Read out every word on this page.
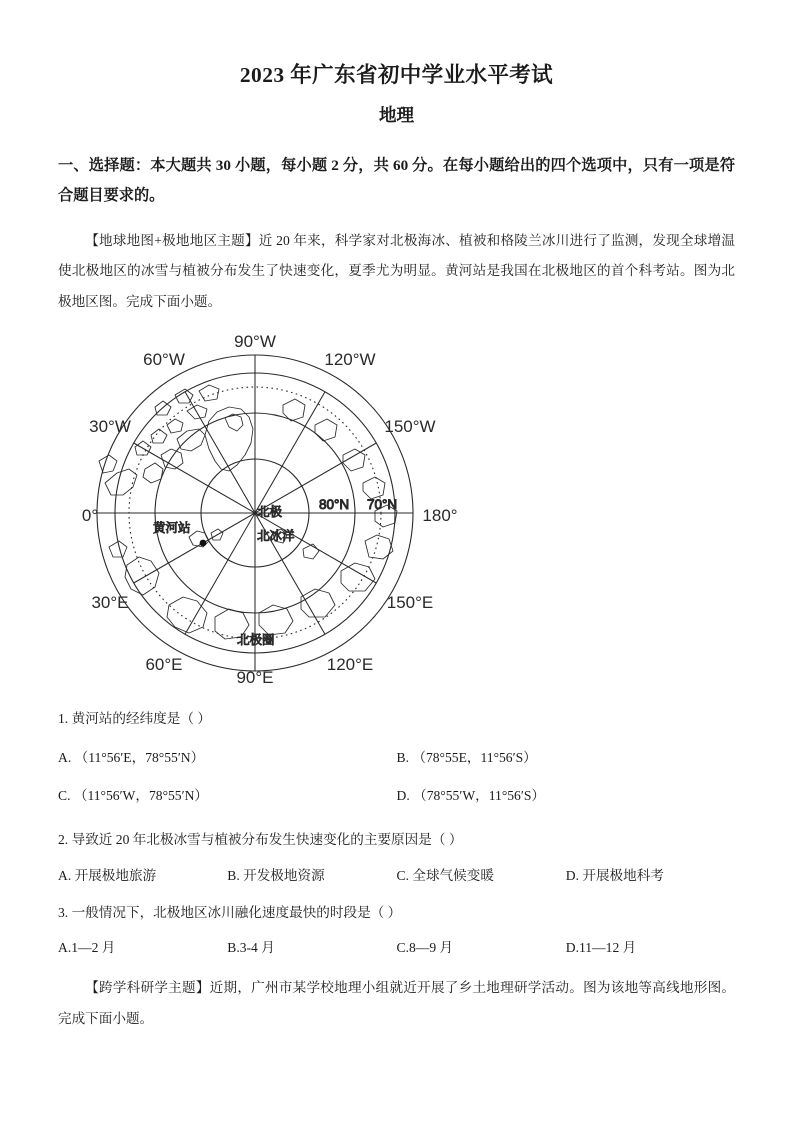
2023 年广东省初中学业水平考试
地理

一、选择题：本大题共 30 小题，每小题 2 分，共 60 分。在每小题给出的四个选项中，只有一项是符合题目要求的。

【地球地图+极地地区主题】近 20 年来，科学家对北极海冰、植被和格陵兰冰川进行了监测，发现全球增温使北极地区的冰雪与植被分布发生了快速变化，夏季尤为明显。黄河站是我国在北极地区的首个科考站。图为北极地区图。完成下面小题。

90°W
60°W	120°W
30°W	150°W
0°	180°
30°E	150°E
60°E	120°E
90°E
80°N 70°N
北极
北冰洋
黄河站
北极圈

1. 黄河站的经纬度是（ ）

A. （11°56′E，78°55′N）	B. （78°55E，11°56′S）
C. （11°56′W，78°55′N）	D. （78°55′W，11°56′S）

2. 导致近 20 年北极冰雪与植被分布发生快速变化的主要原因是（ ）

A. 开展极地旅游	B. 开发极地资源	C. 全球气候变暖	D. 开展极地科考

3. 一般情况下，北极地区冰川融化速度最快的时段是（ ）

A.1—2 月	B.3-4 月	C.8—9 月	D.11—12 月

【跨学科研学主题】近期，广州市某学校地理小组就近开展了乡土地理研学活动。图为该地等高线地形图。完成下面小题。
